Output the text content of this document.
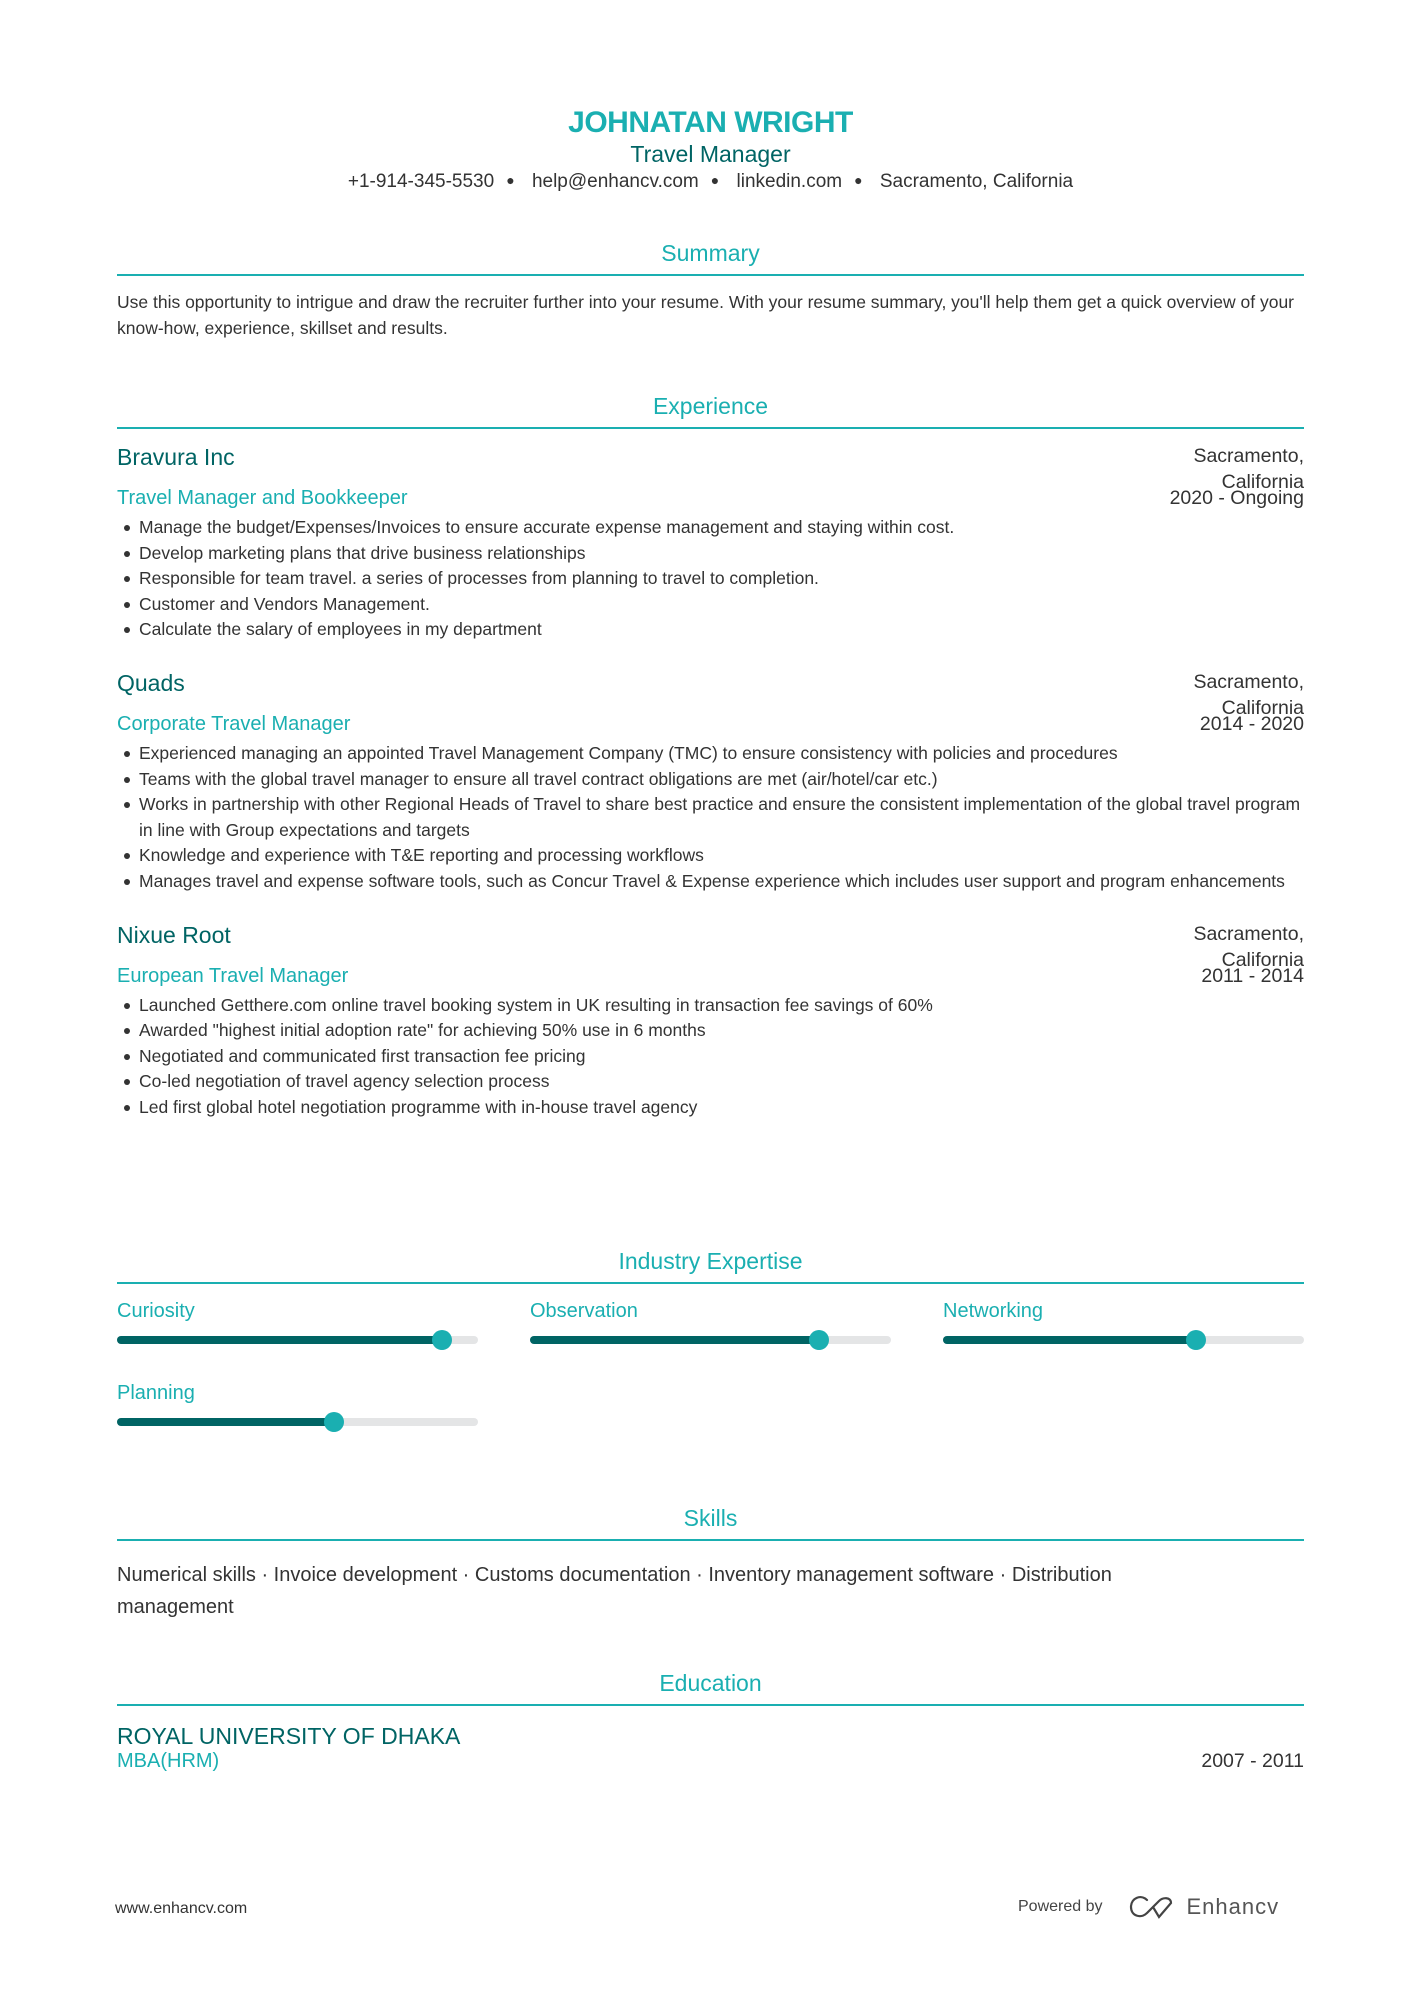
JOHNATAN WRIGHT
Travel Manager
+1-914-345-5530 ● help@enhancv.com ● linkedin.com ● Sacramento, California
Summary
Use this opportunity to intrigue and draw the recruiter further into your resume. With your resume summary, you'll help them get a quick overview of your know-how, experience, skillset and results.
Experience
Bravura Inc	Sacramento, California
Travel Manager and Bookkeeper	2020 - Ongoing
Manage the budget/Expenses/Invoices to ensure accurate expense management and staying within cost.
Develop marketing plans that drive business relationships
Responsible for team travel. a series of processes from planning to travel to completion.
Customer and Vendors Management.
Calculate the salary of employees in my department
Quads	Sacramento, California
Corporate Travel Manager	2014 - 2020
Experienced managing an appointed Travel Management Company (TMC) to ensure consistency with policies and procedures
Teams with the global travel manager to ensure all travel contract obligations are met (air/hotel/car etc.)
Works in partnership with other Regional Heads of Travel to share best practice and ensure the consistent implementation of the global travel program in line with Group expectations and targets
Knowledge and experience with T&E reporting and processing workflows
Manages travel and expense software tools, such as Concur Travel & Expense experience which includes user support and program enhancements
Nixue Root	Sacramento, California
European Travel Manager	2011 - 2014
Launched Getthere.com online travel booking system in UK resulting in transaction fee savings of 60%
Awarded "highest initial adoption rate" for achieving 50% use in 6 months
Negotiated and communicated first transaction fee pricing
Co-led negotiation of travel agency selection process
Led first global hotel negotiation programme with in-house travel agency
Industry Expertise
Curiosity	Observation	Networking
Planning
Skills
Numerical skills · Invoice development · Customs documentation · Inventory management software · Distribution management
Education
ROYAL UNIVERSITY OF DHAKA
MBA(HRM)	2007 - 2011
www.enhancv.com	Powered by	Enhancv
